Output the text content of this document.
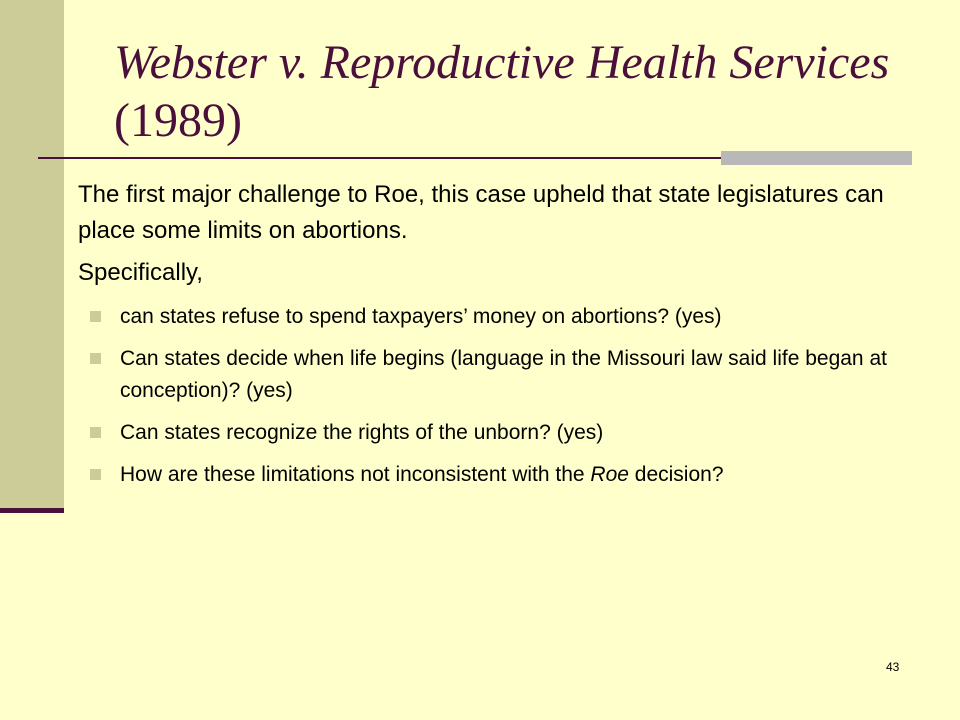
Webster v. Reproductive Health Services (1989)
The first major challenge to Roe, this case upheld that state legislatures can place some limits on abortions.
Specifically,
can states refuse to spend taxpayers’ money on abortions? (yes)
Can states decide when life begins (language in the Missouri law said life began at conception)? (yes)
Can states recognize the rights of the unborn? (yes)
How are these limitations not inconsistent with the Roe decision?
43
